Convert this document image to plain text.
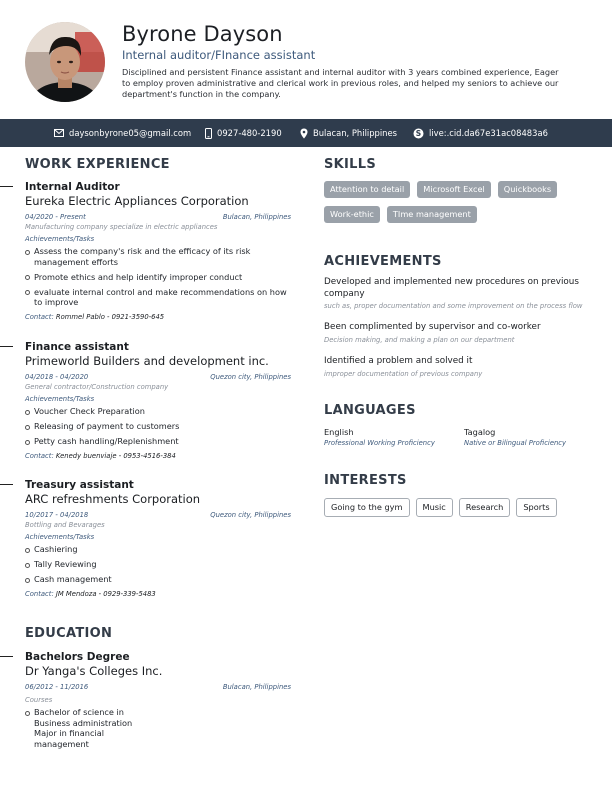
Byrone Dayson
Internal auditor/FInance assistant
Disciplined and persistent Finance assistant and internal auditor with 3 years combined experience, Eager to employ proven administrative and clerical work in previous roles, and helped my seniors to achieve our department's function in the company.
daysonbyrone05@gmail.com	0927-480-2190	Bulacan, Philippines	S live:.cid.da67e31ac08483a6
WORK EXPERIENCE
EDUCATION
Internal Auditor
Eureka Electric Appliances Corporation
04/2020 - Present	Bulacan, Philippines
Manufacturing company specialize in electric appliances
Achievements/Tasks
Assess the company's risk and the efficacy of its risk management efforts
Promote ethics and help identify improper conduct
evaluate internal control and make recommendations on how to improve
Contact: Rommel Pablo - 0921-3590-645
Finance assistant
Primeworld Builders and development inc.
04/2018 - 04/2020	Quezon city, Philippines
General contractor/Construction company
Achievements/Tasks
Voucher Check Preparation
Releasing of payment to customers
Petty cash handling/Replenishment
Contact: Kenedy buenviaje - 0953-4516-384
Treasury assistant
ARC refreshments Corporation
10/2017 - 04/2018	Quezon city, Philippines
Bottling and Bevarages
Achievements/Tasks
Cashiering
Tally Reviewing
Cash management
Contact: JM Mendoza - 0929-339-5483
Bachelors Degree
Dr Yanga's Colleges Inc.
06/2012 - 11/2016	Bulacan, Philippines
Courses
Bachelor of science in Business administration Major in financial management
SKILLS
Attention to detail	Microsoft Excel	Quickbooks
Work-ethic	TIme management
ACHIEVEMENTS
Developed and implemented new procedures on previous company
such as, proper documentation and some improvement on the process flow
Been complimented by supervisor and co-worker
Decision making, and making a plan on our department
Identified a problem and solved it
improper documentation of previous company
LANGUAGES
English
Professional Working Proficiency
Tagalog
Native or Bilingual Proficiency
INTERESTS
Going to the gym	Music	Research	Sports
